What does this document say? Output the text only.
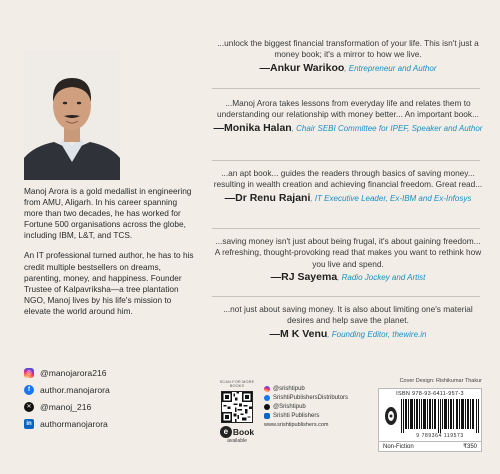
Manoj Arora is a gold medallist in engineering from AMU, Aligarh. In his career spanning more than two decades, he has worked for Fortune 500 organisations across the globe, including IBM, L&T, and TCS.

An IT professional turned author, he has to his credit multiple bestsellers on dreams, parenting, money, and happiness. Founder Trustee of Kalpavriksha—a tree plantation NGO, Manoj lives by his life's mission to elevate the world around him.

◎ @manojarora216
f	author.manojarora
✕ @manoj_216
in authormanojarora
...unlock the biggest financial transformation of your life. This isn't just a money book; it's a mirror to how we live.
—Ankur Warikoo, Entrepreneur and Author
...Manoj Arora takes lessons from everyday life and relates them to understanding our relationship with money better... An important book...
—Monika Halan, Chair SEBI Committee for IPEF, Speaker and Author
...an apt book... guides the readers through basics of saving money... resulting in wealth creation and achieving financial freedom. Great read...
—Dr Renu Rajani, IT Executive Leader, Ex-IBM and Ex-Infosys
...saving money isn't just about being frugal, it's about gaining freedom... A refreshing, thought-provoking read that makes you want to rethink how you live and spend.
—RJ Sayema, Radio Jockey and Artist
...not just about saving money. It is also about limiting one's material desires and help save the planet.
—M K Venu, Founding Editor, thewire.in
SCAN FOR MORE BOOKS
e Book
available
@srishtipub
SrishtiPublishersDistributors
@Srishtipub
Srishti Publishers
www.srishtipublishers.com
Cover Design: Rishikumar Thakur
ISBN 978-93-6411-957-3
9 789364 119573
Non-Fiction	₹350
